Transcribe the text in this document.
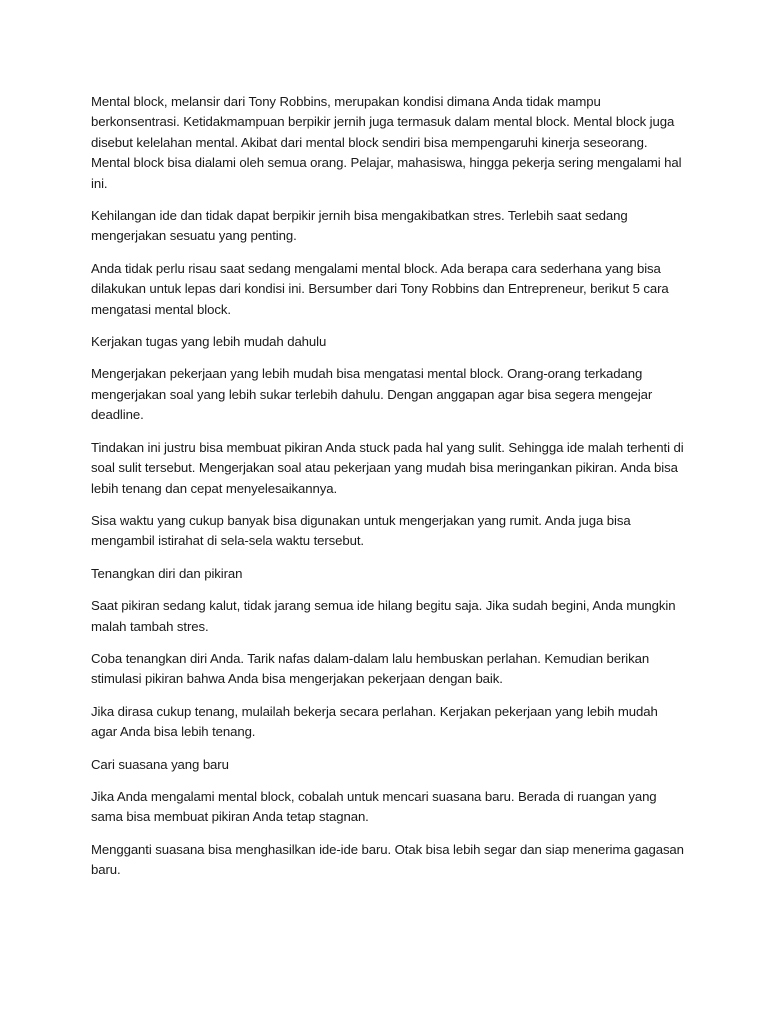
Mental block, melansir dari Tony Robbins, merupakan kondisi dimana Anda tidak mampu berkonsentrasi. Ketidakmampuan berpikir jernih juga termasuk dalam mental block. Mental block juga disebut kelelahan mental. Akibat dari mental block sendiri bisa mempengaruhi kinerja seseorang. Mental block bisa dialami oleh semua orang. Pelajar, mahasiswa, hingga pekerja sering mengalami hal ini.

Kehilangan ide dan tidak dapat berpikir jernih bisa mengakibatkan stres. Terlebih saat sedang mengerjakan sesuatu yang penting.

Anda tidak perlu risau saat sedang mengalami mental block. Ada berapa cara sederhana yang bisa dilakukan untuk lepas dari kondisi ini. Bersumber dari Tony Robbins dan Entrepreneur, berikut 5 cara mengatasi mental block.

Kerjakan tugas yang lebih mudah dahulu

Mengerjakan pekerjaan yang lebih mudah bisa mengatasi mental block. Orang-orang terkadang mengerjakan soal yang lebih sukar terlebih dahulu. Dengan anggapan agar bisa segera mengejar deadline.

Tindakan ini justru bisa membuat pikiran Anda stuck pada hal yang sulit. Sehingga ide malah terhenti di soal sulit tersebut. Mengerjakan soal atau pekerjaan yang mudah bisa meringankan pikiran. Anda bisa lebih tenang dan cepat menyelesaikannya.

Sisa waktu yang cukup banyak bisa digunakan untuk mengerjakan yang rumit. Anda juga bisa mengambil istirahat di sela-sela waktu tersebut.

Tenangkan diri dan pikiran

Saat pikiran sedang kalut, tidak jarang semua ide hilang begitu saja. Jika sudah begini, Anda mungkin malah tambah stres.

Coba tenangkan diri Anda. Tarik nafas dalam-dalam lalu hembuskan perlahan. Kemudian berikan stimulasi pikiran bahwa Anda bisa mengerjakan pekerjaan dengan baik.

Jika dirasa cukup tenang, mulailah bekerja secara perlahan. Kerjakan pekerjaan yang lebih mudah agar Anda bisa lebih tenang.

Cari suasana yang baru

Jika Anda mengalami mental block, cobalah untuk mencari suasana baru. Berada di ruangan yang sama bisa membuat pikiran Anda tetap stagnan.

Mengganti suasana bisa menghasilkan ide-ide baru. Otak bisa lebih segar dan siap menerima gagasan baru.
